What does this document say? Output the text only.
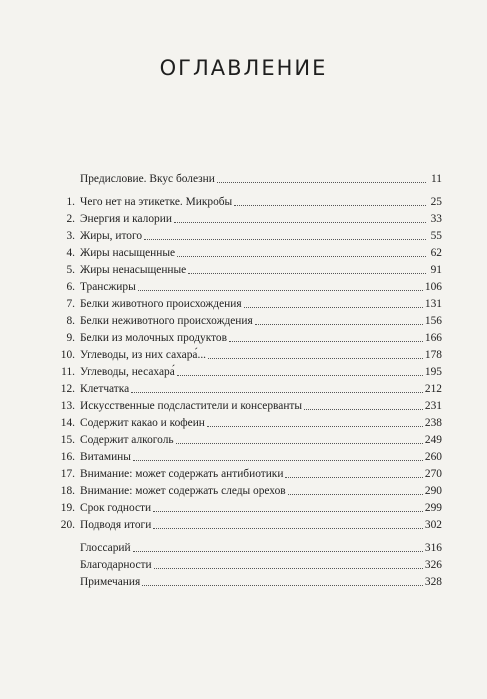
ОГЛАВЛЕНИЕ
Предисловие. Вкус болезни	11
1. Чего нет на этикетке. Микробы	25
2. Энергия и калории	33
3. Жиры, итого	55
4. Жиры насыщенные	62
5. Жиры ненасыщенные	91
6. Трансжиры	106
7. Белки животного происхождения	131
8. Белки неживотного происхождения	156
9. Белки из молочных продуктов	166
10. Углеводы, из них сахара́...	178
11. Углеводы, несахара́	195
12. Клетчатка	212
13. Искусственные подсластители и консерванты	231
14. Содержит какао и кофеин	238
15. Содержит алкоголь	249
16. Витамины	260
17. Внимание: может содержать антибиотики	270
18. Внимание: может содержать следы орехов	290
19. Срок годности	299
20. Подводя итоги	302
Глоссарий	316
Благодарности	326
Примечания	328
